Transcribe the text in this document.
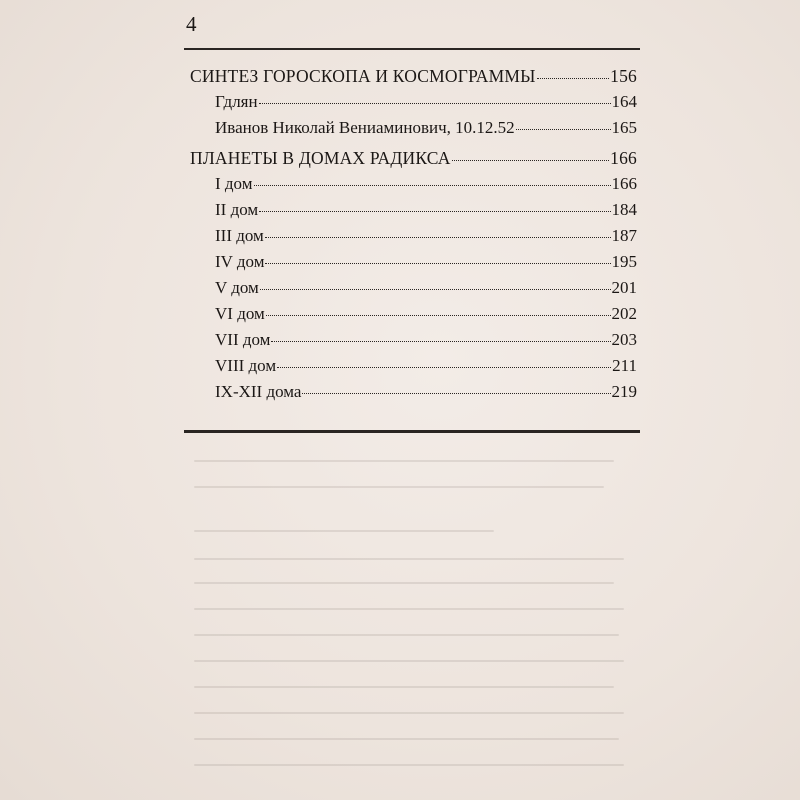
4
СИНТЕЗ ГОРОСКОПА И КОСМОГРАММЫ	156
Гдлян	164
Иванов Николай Вениаминович, 10.12.52	165
ПЛАНЕТЫ В ДОМАХ РАДИКСА	166
I дом	166
II дом	184
III дом	187
IV дом	195
V дом	201
VI дом	202
VII дом	203
VIII дом	211
IX-XII дома	219
